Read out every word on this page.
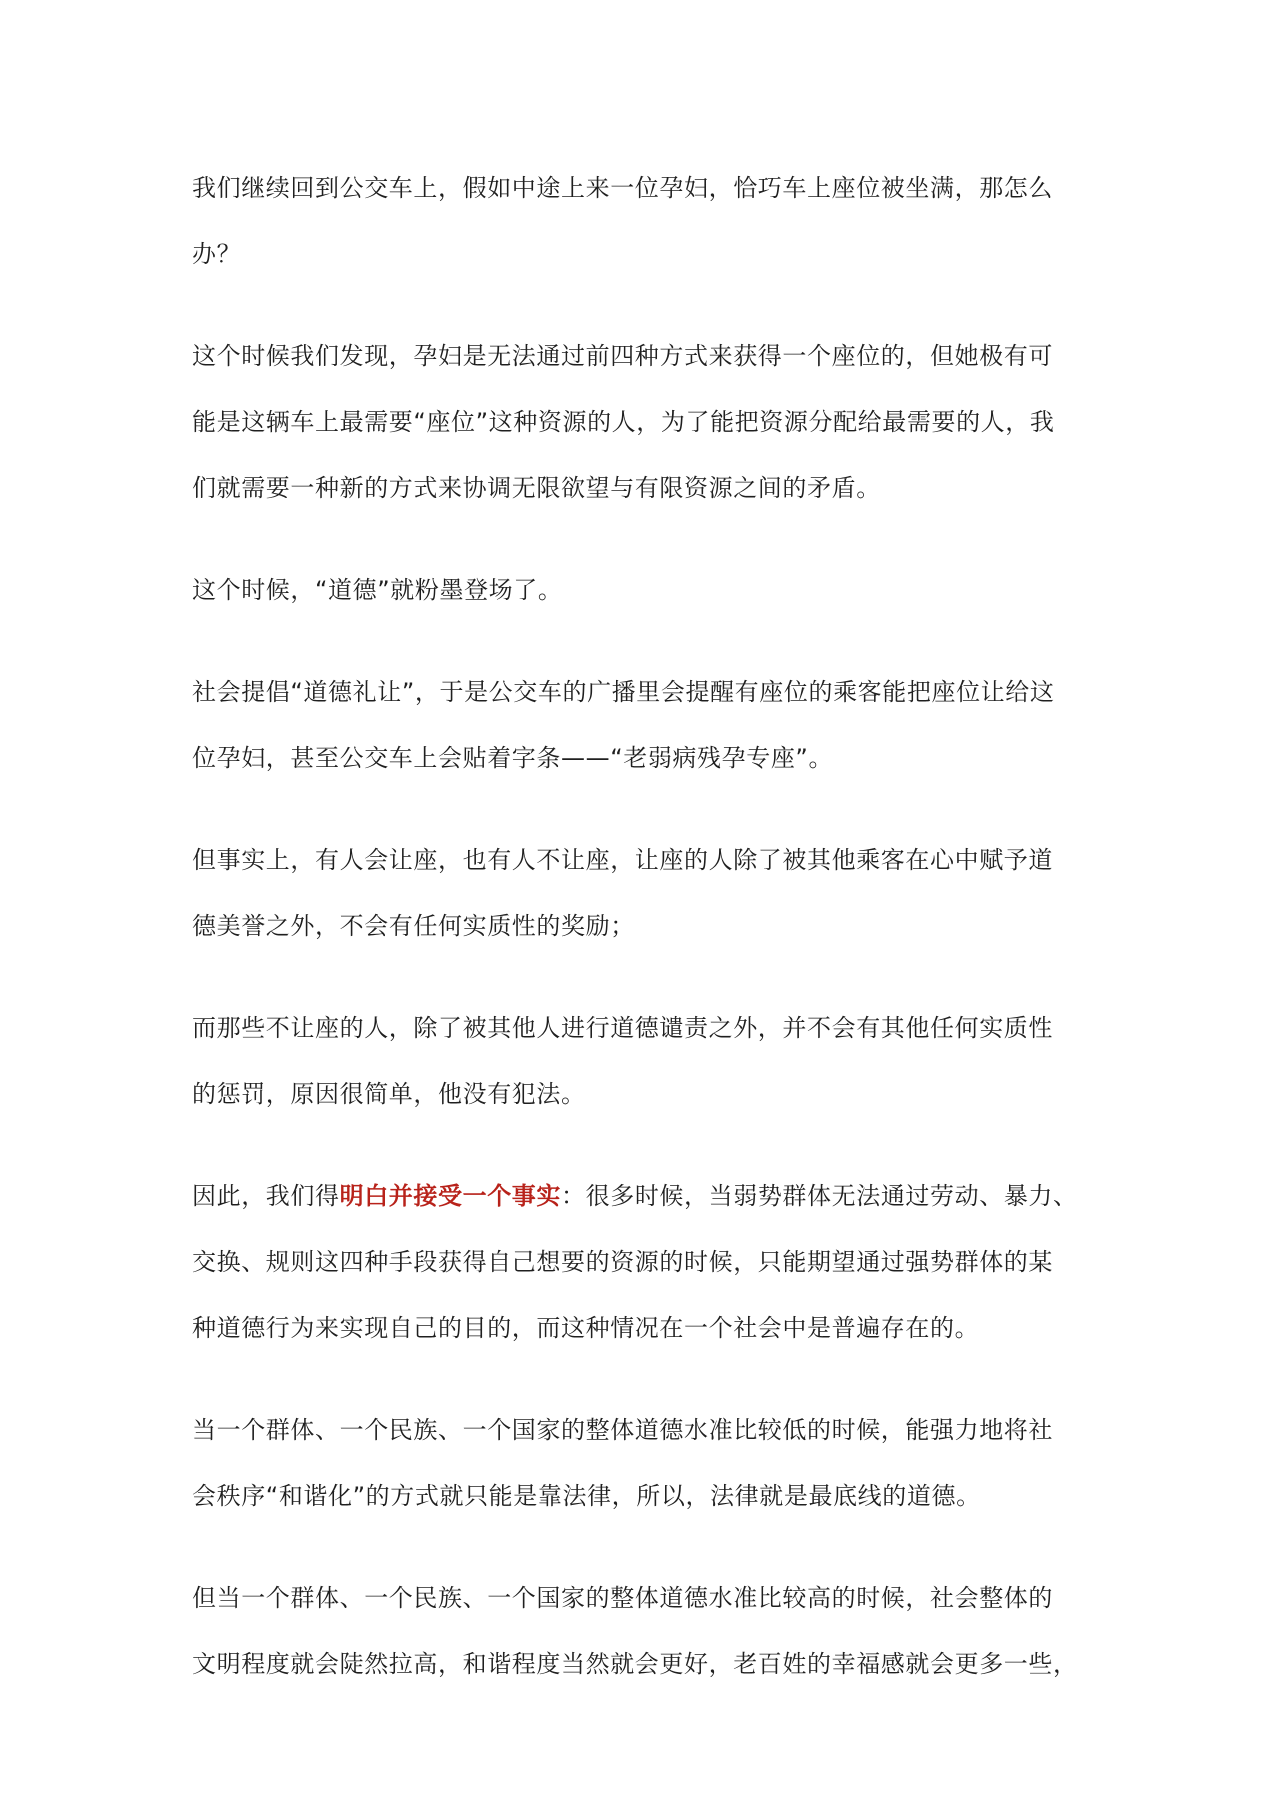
我们继续回到公交车上，假如中途上来一位孕妇，恰巧车上座位被坐满，那怎么
办？

这个时候我们发现，孕妇是无法通过前四种方式来获得一个座位的，但她极有可
能是这辆车上最需要“座位”这种资源的人，为了能把资源分配给最需要的人，我
们就需要一种新的方式来协调无限欲望与有限资源之间的矛盾。

这个时候，“道德”就粉墨登场了。

社会提倡“道德礼让”，于是公交车的广播里会提醒有座位的乘客能把座位让给这
位孕妇，甚至公交车上会贴着字条——“老弱病残孕专座”。

但事实上，有人会让座，也有人不让座，让座的人除了被其他乘客在心中赋予道
德美誉之外，不会有任何实质性的奖励；

而那些不让座的人，除了被其他人进行道德谴责之外，并不会有其他任何实质性
的惩罚，原因很简单，他没有犯法。

因此，我们得明白并接受一个事实：很多时候，当弱势群体无法通过劳动、暴力、
交换、规则这四种手段获得自己想要的资源的时候，只能期望通过强势群体的某
种道德行为来实现自己的目的，而这种情况在一个社会中是普遍存在的。

当一个群体、一个民族、一个国家的整体道德水准比较低的时候，能强力地将社
会秩序“和谐化”的方式就只能是靠法律，所以，法律就是最底线的道德。

但当一个群体、一个民族、一个国家的整体道德水准比较高的时候，社会整体的
文明程度就会陡然拉高，和谐程度当然就会更好，老百姓的幸福感就会更多一些，
